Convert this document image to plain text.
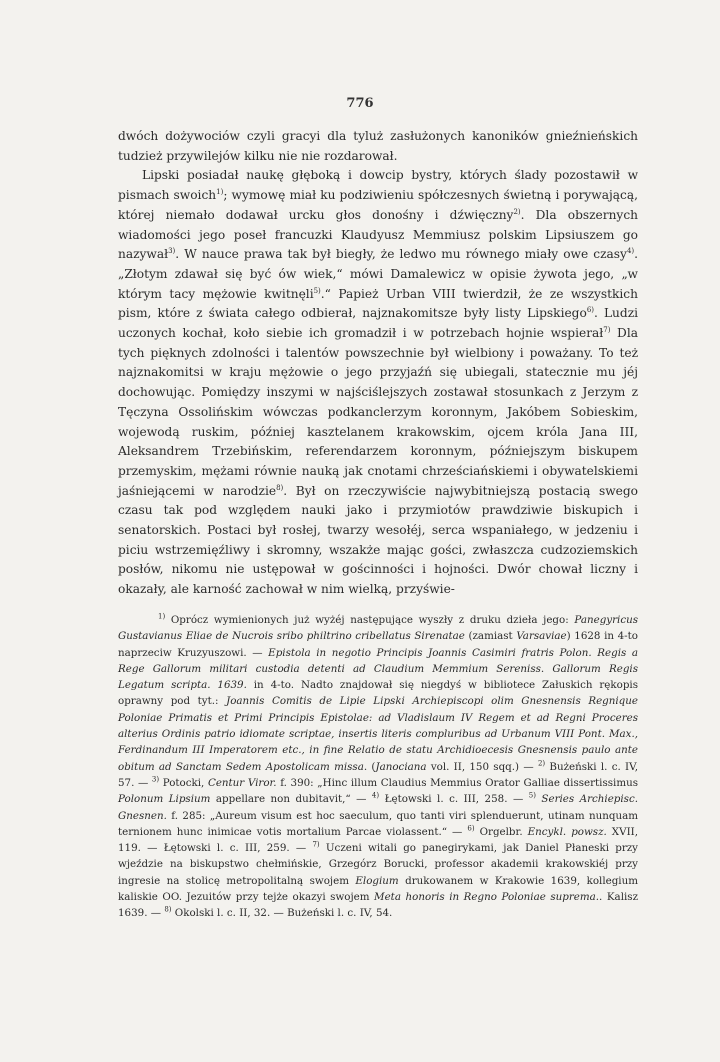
776

dwóch dożywociów czyli gracyi dla tyluż zasłużonych kanoników gnieźnieńskich tudzież przywilejów kilku nie nie rozdarował.

Lipski posiadał naukę głęboką i dowcip bystry, których ślady pozostawił w pismach swoich$^{1)}$; wymowę miał ku podziwieniu spółczesnych świetną i porywającą, której niemało dodawał urcku głos donośny i dźwięczny$^{2)}$. Dla obszernych wiadomości jego poseł francuzki Klaudyusz Memmiusz polskim Lipsiuszem go nazywał$^{3)}$. W nauce prawa tak był biegły, że ledwo mu równego miały owe czasy$^{4)}$. „Złotym zdawał się być ów wiek,“ mówi Damalewicz w opisie żywota jego, „w którym tacy mężowie kwitnęli$^{5)}$.“ Papież Urban VIII twierdził, że ze wszystkich pism, które z świata całego odbierał, najznakomitsze były listy Lipskiego$^{6)}$. Ludzi uczonych kochał, koło siebie ich gromadził i w potrzebach hojnie wspierał$^{7)}$ Dla tych pięknych zdolności i talentów powszechnie był wielbiony i poważany. To też najznakomitsi w kraju mężowie o jego przyjaźń się ubiegali, statecznie mu jéj dochowując. Pomiędzy inszymi w najściślejszych zostawał stosunkach z Jerzym z Tęczyna Ossolińskim wówczas podkanclerzym koronnym, Jakóbem Sobieskim, wojewodą ruskim, później kasztelanem krakowskim, ojcem króla Jana III, Aleksandrem Trzebińskim, referendarzem koronnym, późniejszym biskupem przemyskim, mężami równie nauką jak cnotami chrześciańskiemi i obywatelskiemi jaśniejącemi w narodzie$^{8)}$. Był on rzeczywiście najwybitniejszą postacią swego czasu tak pod względem nauki jako i przymiotów prawdziwie biskupich i senatorskich. Postaci był rosłej, twarzy wesołéj, serca wspaniałego, w jedzeniu i piciu wstrzemięźliwy i skromny, wszakże mając gości, zwłaszcza cudzoziemskich posłów, nikomu nie ustępował w gościnności i hojności. Dwór chował liczny i okazały, ale karność zachował w nim wielką, przyświe-

$^{1)}$ Oprócz wymienionych już wyżéj następujące wyszły z druku dzieła jego: Panegyricus Gustavianus Eliae de Nucrois sribo philtrino cribellatus Sirenatae (zamiast Varsaviae) 1628 in 4-to naprzeciw Kruzyuszowi. — Epistola in negotio Principis Joannis Casimiri fratris Polon. Regis a Rege Gallorum militari custodia detenti ad Claudium Memmium Sereniss. Gallorum Regis Legatum scripta. 1639. in 4-to. Nadto znajdował się niegdyś w bibliotece Załuskich rękopis oprawny pod tyt.: Joannis Comitis de Lipie Lipski Archiepiscopi olim Gnesnensis Regnique Poloniae Primatis et Primi Principis Epistolae: ad Vladislaum IV Regem et ad Regni Proceres alterius Ordinis patrio idiomate scriptae, insertis literis compluribus ad Urbanum VIII Pont. Max., Ferdinandum III Imperatorem etc., in fine Relatio de statu Archidioecesis Gnesnensis paulo ante obitum ad Sanctam Sedem Apostolicam missa. (Janociana vol. II, 150 sqq.) — $^{2)}$ Bużeński l. c. IV, 57. — $^{3)}$ Potocki, Centur Viror. f. 390: „Hinc illum Claudius Memmius Orator Galliae dissertissimus Polonum Lipsium appellare non dubitavit,“ — $^{4)}$ Łętowski l. c. III, 258. — $^{5)}$ Series Archiepisc. Gnesnen. f. 285: „Aureum visum est hoc saeculum, quo tanti viri splenduerunt, utinam nunquam ternionem hunc inimicae votis mortalium Parcae violassent.“ — $^{6)}$ Orgelbr. Encykl. powsz. XVII, 119. — Łętowski l. c. III, 259. — $^{7)}$ Uczeni witali go panegirykami, jak Daniel Płaneski przy wjeździe na biskupstwo chełmińskie, Grzegórz Borucki, professor akademii krakowskiéj przy ingresie na stolicę metropolitalną swojem Elogium drukowanem w Krakowie 1639, kollegium kaliskie OO. Jezuitów przy tejże okazyi swojem Meta honoris in Regno Poloniae suprema.. Kalisz 1639. — $^{8)}$ Okolski l. c. II, 32. — Bużeński l. c. IV, 54.
